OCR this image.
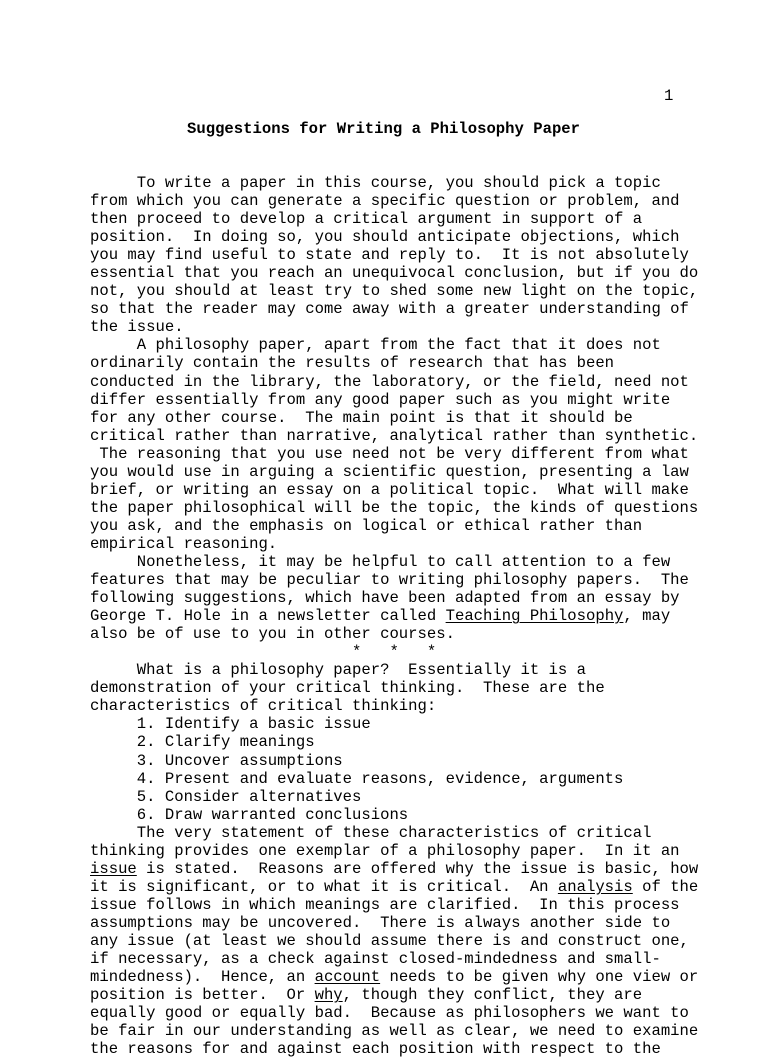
1
Suggestions for Writing a Philosophy Paper
To write a paper in this course, you should pick a topic
from which you can generate a specific question or problem, and
then proceed to develop a critical argument in support of a
position.  In doing so, you should anticipate objections, which
you may find useful to state and reply to.  It is not absolutely
essential that you reach an unequivocal conclusion, but if you do
not, you should at least try to shed some new light on the topic,
so that the reader may come away with a greater understanding of
the issue.
A philosophy paper, apart from the fact that it does not
ordinarily contain the results of research that has been
conducted in the library, the laboratory, or the field, need not
differ essentially from any good paper such as you might write
for any other course.  The main point is that it should be
critical rather than narrative, analytical rather than synthetic.
The reasoning that you use need not be very different from what
you would use in arguing a scientific question, presenting a law
brief, or writing an essay on a political topic.  What will make
the paper philosophical will be the topic, the kinds of questions
you ask, and the emphasis on logical or ethical rather than
empirical reasoning.
Nonetheless, it may be helpful to call attention to a few
features that may be peculiar to writing philosophy papers.  The
following suggestions, which have been adapted from an essay by
George T. Hole in a newsletter called Teaching Philosophy, may
also be of use to you in other courses.
*   *   *
What is a philosophy paper?  Essentially it is a
demonstration of your critical thinking.  These are the
characteristics of critical thinking:
1. Identify a basic issue
2. Clarify meanings
3. Uncover assumptions
4. Present and evaluate reasons, evidence, arguments
5. Consider alternatives
6. Draw warranted conclusions
The very statement of these characteristics of critical
thinking provides one exemplar of a philosophy paper.  In it an
issue is stated.  Reasons are offered why the issue is basic, how
it is significant, or to what it is critical.  An analysis of the
issue follows in which meanings are clarified.  In this process
assumptions may be uncovered.  There is always another side to
any issue (at least we should assume there is and construct one,
if necessary, as a check against closed-mindedness and small-
mindedness).  Hence, an account needs to be given why one view or
position is better.  Or why, though they conflict, they are
equally good or equally bad.  Because as philosophers we want to
be fair in our understanding as well as clear, we need to examine
the reasons for and against each position with respect to the
